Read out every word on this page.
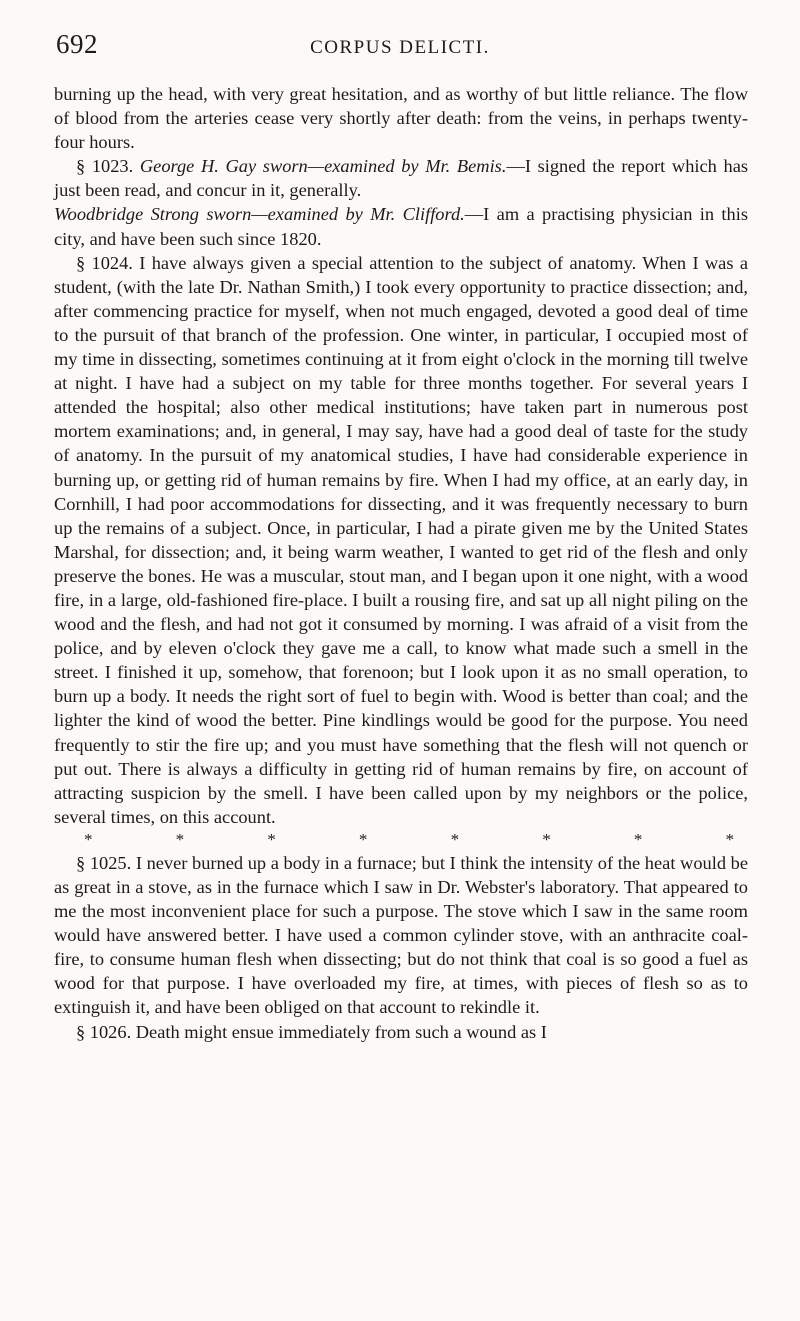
692	CORPUS DELICTI.

burning up the head, with very great hesitation, and as worthy of but little reliance. The flow of blood from the arteries cease very shortly after death: from the veins, in perhaps twenty-four hours.

§ 1023. George H. Gay sworn—examined by Mr. Bemis.—I signed the report which has just been read, and concur in it, generally.

Woodbridge Strong sworn—examined by Mr. Clifford.—I am a practising physician in this city, and have been such since 1820.

§ 1024. I have always given a special attention to the subject of anatomy. When I was a student, (with the late Dr. Nathan Smith,) I took every opportunity to practice dissection; and, after commencing practice for myself, when not much engaged, devoted a good deal of time to the pursuit of that branch of the profession. One winter, in particular, I occupied most of my time in dissecting, sometimes continuing at it from eight o'clock in the morning till twelve at night. I have had a subject on my table for three months together. For several years I attended the hospital; also other medical institutions; have taken part in numerous post mortem examinations; and, in general, I may say, have had a good deal of taste for the study of anatomy. In the pursuit of my anatomical studies, I have had considerable experience in burning up, or getting rid of human remains by fire. When I had my office, at an early day, in Cornhill, I had poor accommodations for dissecting, and it was frequently necessary to burn up the remains of a subject. Once, in particular, I had a pirate given me by the United States Marshal, for dissection; and, it being warm weather, I wanted to get rid of the flesh and only preserve the bones. He was a muscular, stout man, and I began upon it one night, with a wood fire, in a large, old-fashioned fire-place. I built a rousing fire, and sat up all night piling on the wood and the flesh, and had not got it consumed by morning. I was afraid of a visit from the police, and by eleven o'clock they gave me a call, to know what made such a smell in the street. I finished it up, somehow, that forenoon; but I look upon it as no small operation, to burn up a body. It needs the right sort of fuel to begin with. Wood is better than coal; and the lighter the kind of wood the better. Pine kindlings would be good for the purpose. You need frequently to stir the fire up; and you must have something that the flesh will not quench or put out. There is always a difficulty in getting rid of human remains by fire, on account of attracting suspicion by the smell. I have been called upon by my neighbors or the police, several times, on this account.

*	*	*	*	*	*	*	*

§ 1025. I never burned up a body in a furnace; but I think the intensity of the heat would be as great in a stove, as in the furnace which I saw in Dr. Webster's laboratory. That appeared to me the most inconvenient place for such a purpose. The stove which I saw in the same room would have answered better. I have used a common cylinder stove, with an anthracite coal-fire, to consume human flesh when dissecting; but do not think that coal is so good a fuel as wood for that purpose. I have overloaded my fire, at times, with pieces of flesh so as to extinguish it, and have been obliged on that account to rekindle it.

§ 1026. Death might ensue immediately from such a wound as I
